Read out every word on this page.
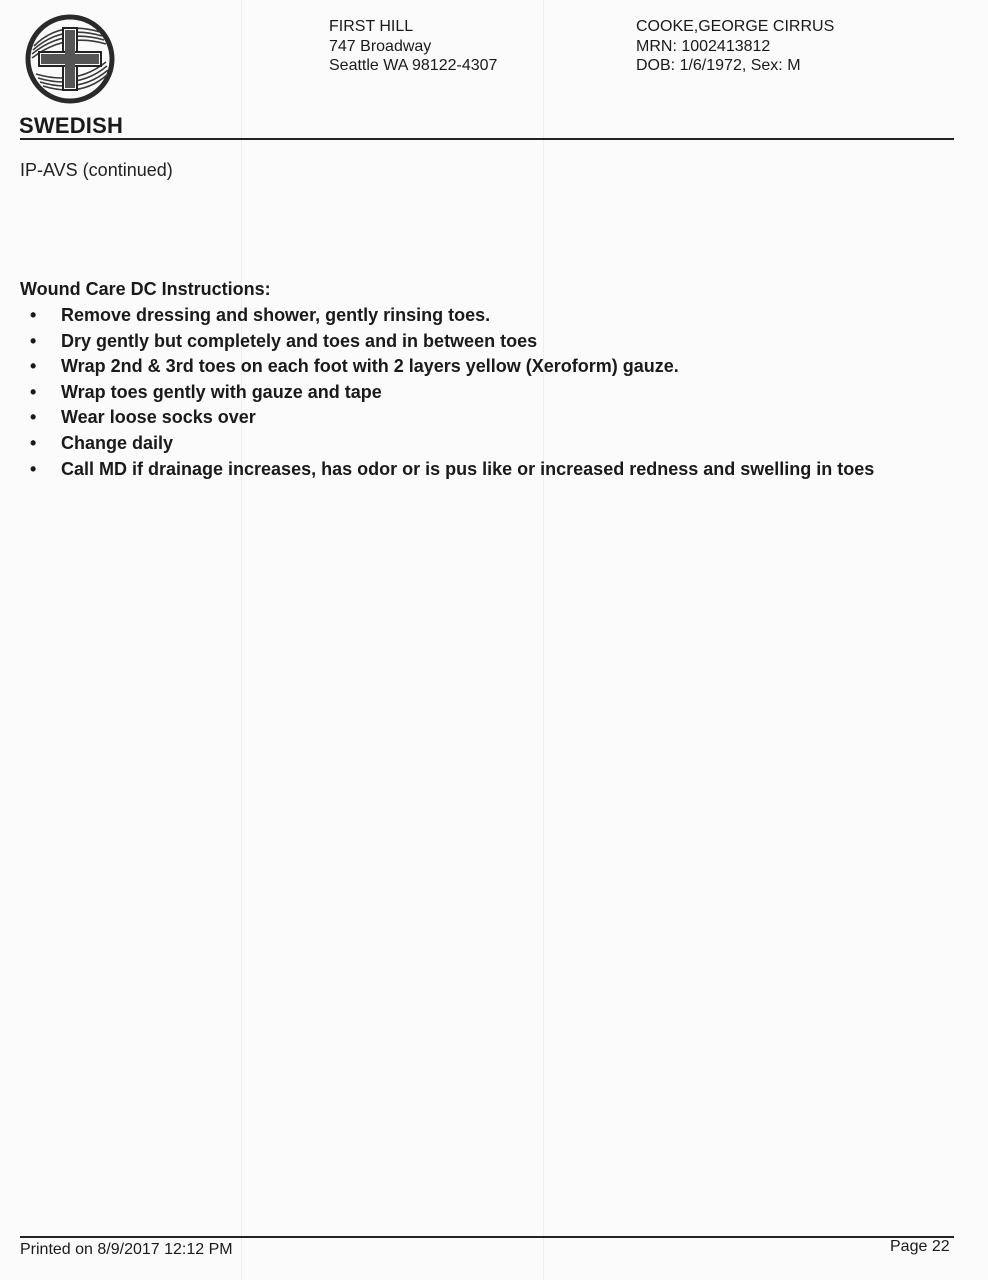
SWEDISH
FIRST HILL
747 Broadway
Seattle WA 98122-4307
COOKE,GEORGE CIRRUS
MRN: 1002413812
DOB: 1/6/1972, Sex: M
IP-AVS (continued)
Wound Care DC Instructions:
• Remove dressing and shower, gently rinsing toes.
• Dry gently but completely and toes and in between toes
• Wrap 2nd & 3rd toes on each foot with 2 layers yellow (Xeroform) gauze.
• Wrap toes gently with gauze and tape
• Wear loose socks over
• Change daily
• Call MD if drainage increases, has odor or is pus like or increased redness and swelling in toes
Printed on 8/9/2017 12:12 PM	Page 22
